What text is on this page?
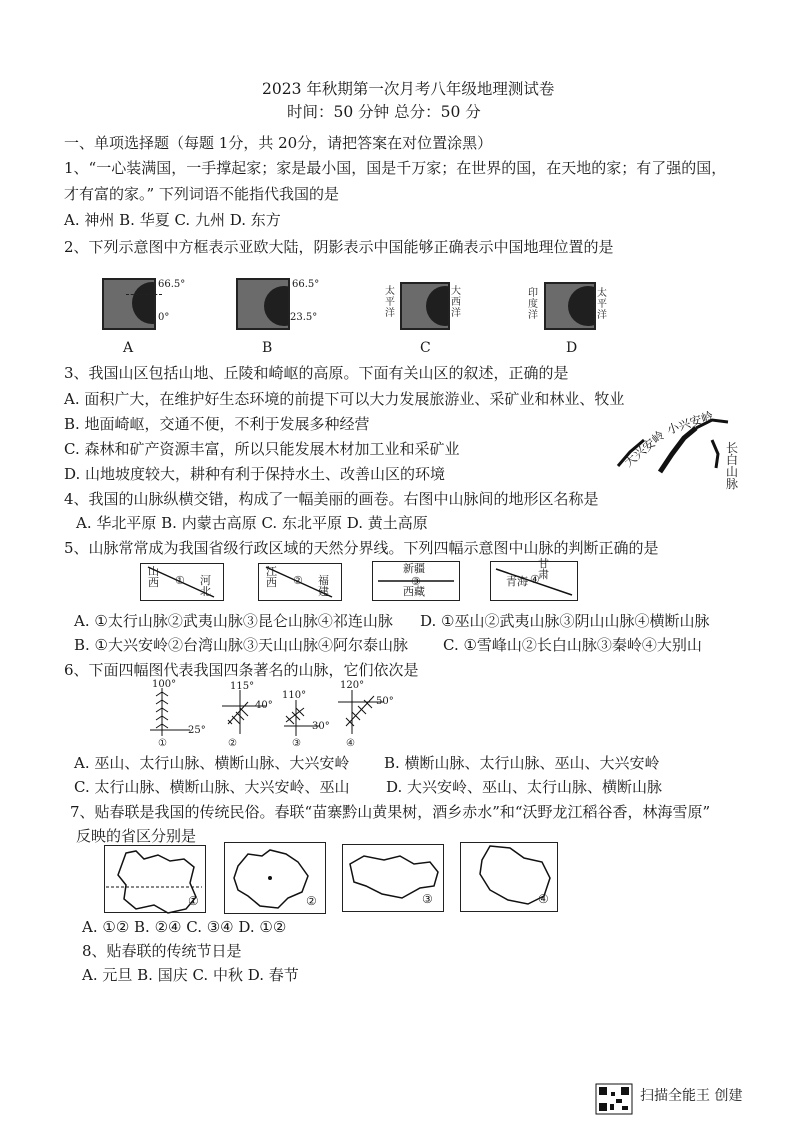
2023 年秋期第一次月考八年级地理测试卷
时间：50 分钟 总分：50 分
一、单项选择题（每题 1分，共 20分，请把答案在对位置涂黑）
1、“一心装满国，一手撑起家；家是最小国，国是千万家；在世界的国，在天地的家；有了强的国，
才有富的家。” 下列词语不能指代我国的是
A. 神州 B. 华夏 C. 九州 D. 东方
2、下列示意图中方框表示亚欧大陆，阴影表示中国能够正确表示中国地理位置的是
66.5°
0°
A
66.5°
23.5°
B
太平洋
大西洋
C
印度洋
太平洋
D
3、我国山区包括山地、丘陵和崎岖的高原。下面有关山区的叙述，正确的是
A. 面积广大，在维护好生态环境的前提下可以大力发展旅游业、采矿业和林业、牧业
B. 地面崎岖，交通不便，不利于发展多种经营
C. 森林和矿产资源丰富，所以只能发展木材加工业和采矿业
D. 山地坡度较大，耕种有利于保持水土、改善山区的环境
小兴安岭
大兴安岭	长白山脉
4、我国的山脉纵横交错，构成了一幅美丽的画卷。右图中山脉间的地形区名称是
A. 华北平原 B. 内蒙古高原 C. 东北平原 D. 黄土高原
5、山脉常常成为我国省级行政区域的天然分界线。下列四幅示意图中山脉的判断正确的是
山西 ① 河北
江西 ② 福建
新疆
③
西藏
青海 ④
甘肃
A. ①太行山脉②武夷山脉③昆仑山脉④祁连山脉 D. ①巫山②武夷山脉③阴山山脉④横断山脉
B. ①大兴安岭②台湾山脉③天山山脉④阿尔泰山脉 C. ①雪峰山②长白山脉③秦岭④大别山
6、下面四幅图代表我国四条著名的山脉，它们依次是
100°
25°
①
115°
40°
②
110°
30°
③
120°
50°
④
A. 巫山、太行山脉、横断山脉、大兴安岭 B. 横断山脉、太行山脉、巫山、大兴安岭
C. 太行山脉、横断山脉、大兴安岭、巫山 D. 大兴安岭、巫山、太行山脉、横断山脉
7、贴春联是我国的传统民俗。春联“苗寨黔山黄果树，酒乡赤水”和“沃野龙江稻谷香，林海雪原”
反映的省区分别是
①	②	③	④
A. ①② B. ②④ C. ③④ D. ①②
8、贴春联的传统节日是
A. 元旦 B. 国庆 C. 中秋 D. 春节
扫描全能王 创建
